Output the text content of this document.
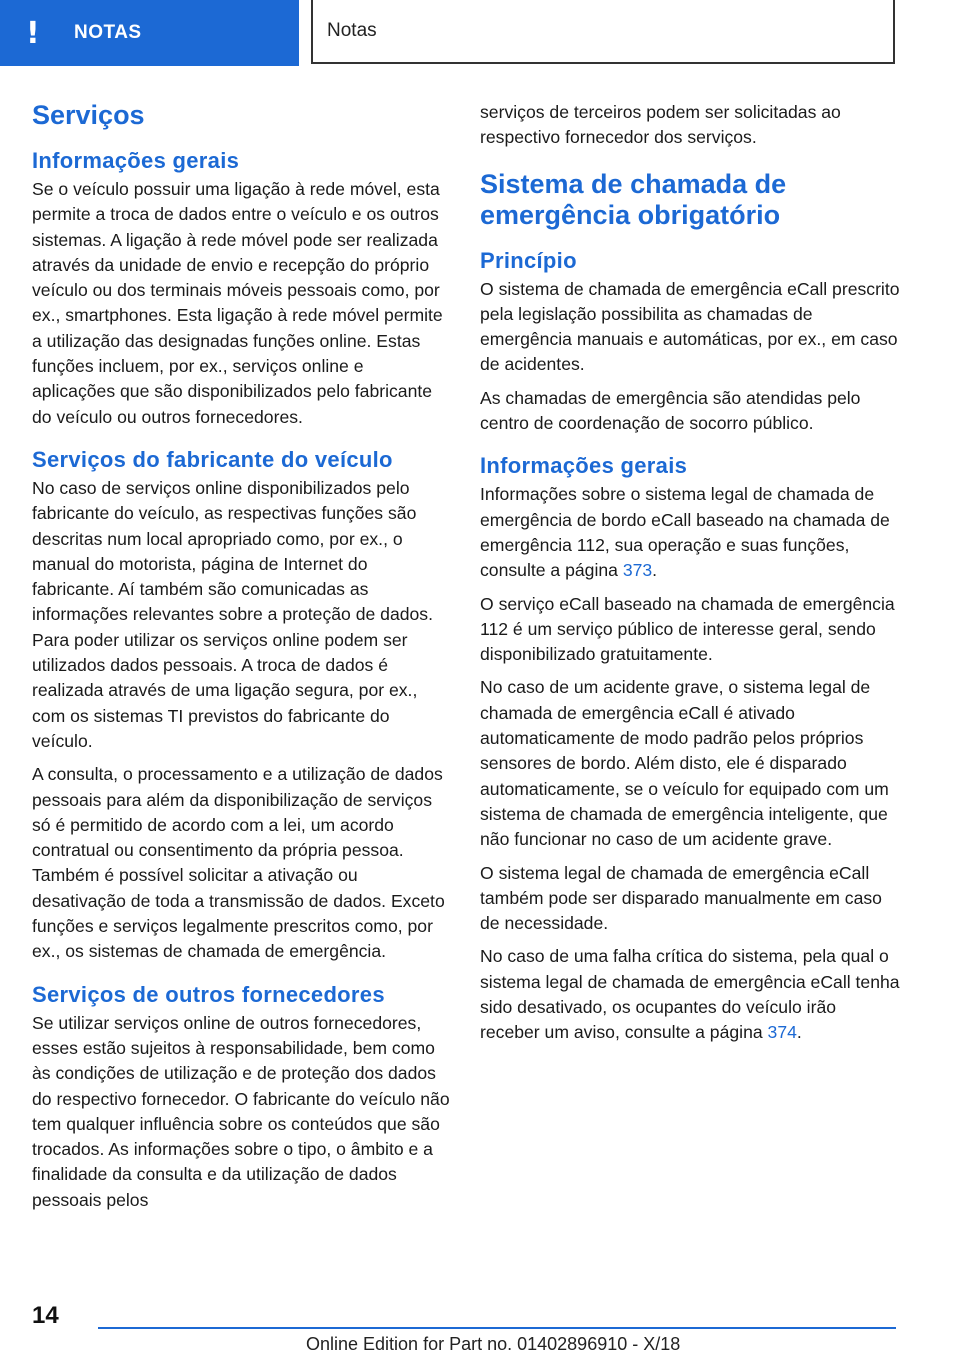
!	NOTAS	Notas
Serviços
Informações gerais

Se o veículo possuir uma ligação à rede móvel, esta permite a troca de dados entre o veículo e os outros sistemas. A ligação à rede móvel pode ser realizada através da unidade de envio e recepção do próprio veículo ou dos terminais móveis pessoais como, por ex., smartphones. Esta ligação à rede móvel permite a utilização das designadas funções online. Estas funções incluem, por ex., serviços online e aplicações que são disponibilizados pelo fabricante do veículo ou outros fornecedores.

Serviços do fabricante do veículo

No caso de serviços online disponibilizados pelo fabricante do veículo, as respectivas funções são descritas num local apropriado como, por ex., o manual do motorista, página de Internet do fabricante. Aí também são comunicadas as informações relevantes sobre a proteção de dados. Para poder utilizar os serviços online podem ser utilizados dados pessoais. A troca de dados é realizada através de uma ligação segura, por ex., com os sistemas TI previstos do fabricante do veículo.

A consulta, o processamento e a utilização de dados pessoais para além da disponibilização de serviços só é permitido de acordo com a lei, um acordo contratual ou consentimento da própria pessoa. Também é possível solicitar a ativação ou desativação de toda a transmissão de dados. Exceto funções e serviços legalmente prescritos como, por ex., os sistemas de chamada de emergência.

Serviços de outros fornecedores

Se utilizar serviços online de outros fornecedores, esses estão sujeitos à responsabilidade, bem como às condições de utilização e de proteção dos dados do respectivo fornecedor. O fabricante do veículo não tem qualquer influência sobre os conteúdos que são trocados. As informações sobre o tipo, o âmbito e a finalidade da consulta e da utilização de dados pessoais pelos

serviços de terceiros podem ser solicitadas ao respectivo fornecedor dos serviços.

Sistema de chamada de emergência obrigatório
Princípio

O sistema de chamada de emergência eCall prescrito pela legislação possibilita as chamadas de emergência manuais e automáticas, por ex., em caso de acidentes.

As chamadas de emergência são atendidas pelo centro de coordenação de socorro público.

Informações gerais

Informações sobre o sistema legal de chamada de emergência de bordo eCall baseado na chamada de emergência 112, sua operação e suas funções, consulte a página 373.

O serviço eCall baseado na chamada de emergência 112 é um serviço público de interesse geral, sendo disponibilizado gratuitamente.

No caso de um acidente grave, o sistema legal de chamada de emergência eCall é ativado automaticamente de modo padrão pelos próprios sensores de bordo. Além disto, ele é disparado automaticamente, se o veículo for equipado com um sistema de chamada de emergência inteligente, que não funcionar no caso de um acidente grave.

O sistema legal de chamada de emergência eCall também pode ser disparado manualmente em caso de necessidade.

No caso de uma falha crítica do sistema, pela qual o sistema legal de chamada de emergência eCall tenha sido desativado, os ocupantes do veículo irão receber um aviso, consulte a página 374.

14
Online Edition for Part no. 01402896910 - X/18
